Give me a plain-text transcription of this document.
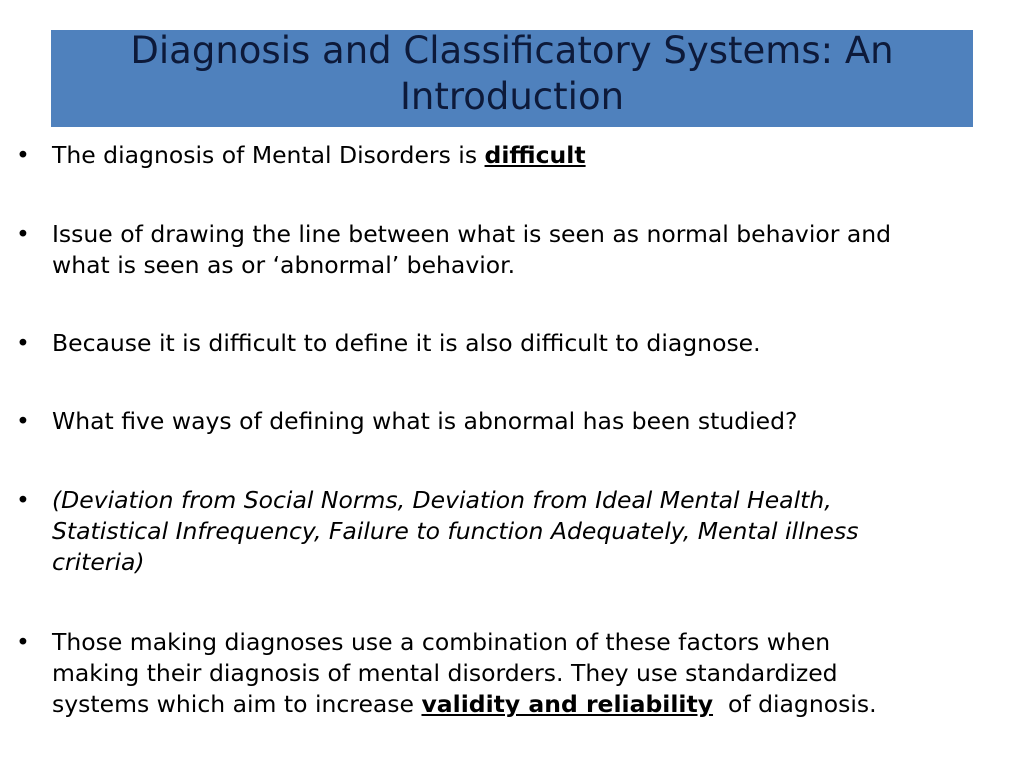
Diagnosis and Classificatory Systems: An
Introduction
• The diagnosis of Mental Disorders is difficult
• Issue of drawing the line between what is seen as normal behavior and
what is seen as or ‘abnormal’ behavior.
• Because it is difficult to define it is also difficult to diagnose.
• What five ways of defining what is abnormal has been studied?
• (Deviation from Social Norms, Deviation from Ideal Mental Health,
Statistical Infrequency, Failure to function Adequately, Mental illness
criteria)
• Those making diagnoses use a combination of these factors when
making their diagnosis of mental disorders. They use standardized
systems which aim to increase validity and reliability  of diagnosis.
